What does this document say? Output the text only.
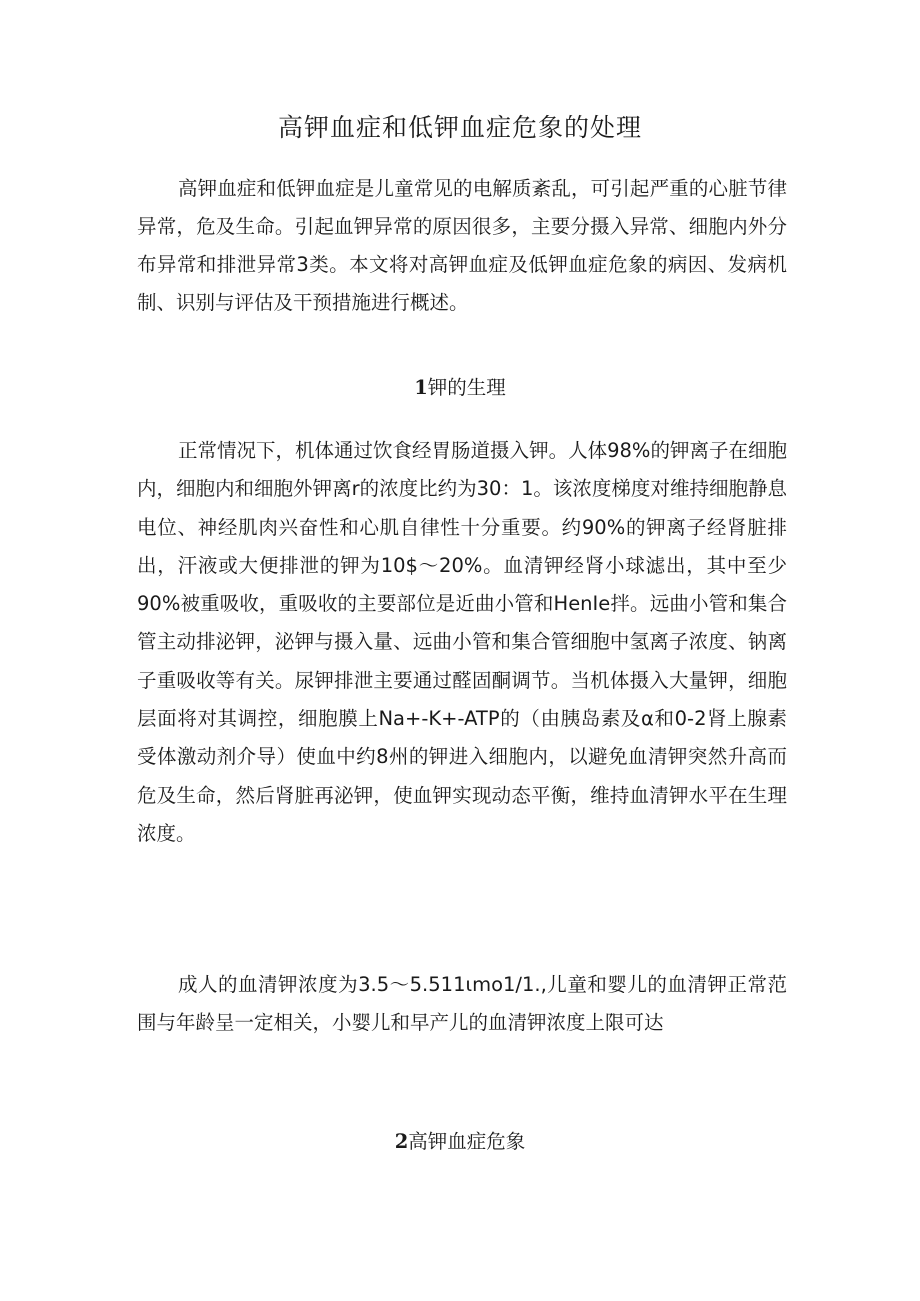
高钾血症和低钾血症危象的处理

高钾血症和低钾血症是儿童常见的电解质紊乱，可引起严重的心脏节律异常，危及生命。引起血钾异常的原因很多，主要分摄入异常、细胞内外分布异常和排泄异常3类。本文将对高钾血症及低钾血症危象的病因、发病机制、识别与评估及干预措施进行概述。

1钾的生理

正常情况下，机体通过饮食经胃肠道摄入钾。人体98%的钾离子在细胞内，细胞内和细胞外钾离r的浓度比约为30：1。该浓度梯度对维持细胞静息电位、神经肌肉兴奋性和心肌自律性十分重要。约90%的钾离子经肾脏排出，汗液或大便排泄的钾为10$〜20%。血清钾经肾小球滤出，其中至少90%被重吸收，重吸收的主要部位是近曲小管和HenIe拌。远曲小管和集合管主动排泌钾，泌钾与摄入量、远曲小管和集合管细胞中氢离子浓度、钠离子重吸收等有关。尿钾排泄主要通过醛固酮调节。当机体摄入大量钾，细胞层面将对其调控，细胞膜上Na+-K+-ATP的（由胰岛素及α和0-2肾上腺素受体激动剂介导）使血中约8州的钾进入细胞内，以避免血清钾突然升高而危及生命，然后肾脏再泌钾，使血钾实现动态平衡，维持血清钾水平在生理浓度。

成人的血清钾浓度为3.5〜5.511ιmo1∕1.,儿童和婴儿的血清钾正常范围与年龄呈一定相关，小婴儿和早产儿的血清钾浓度上限可达

2高钾血症危象
